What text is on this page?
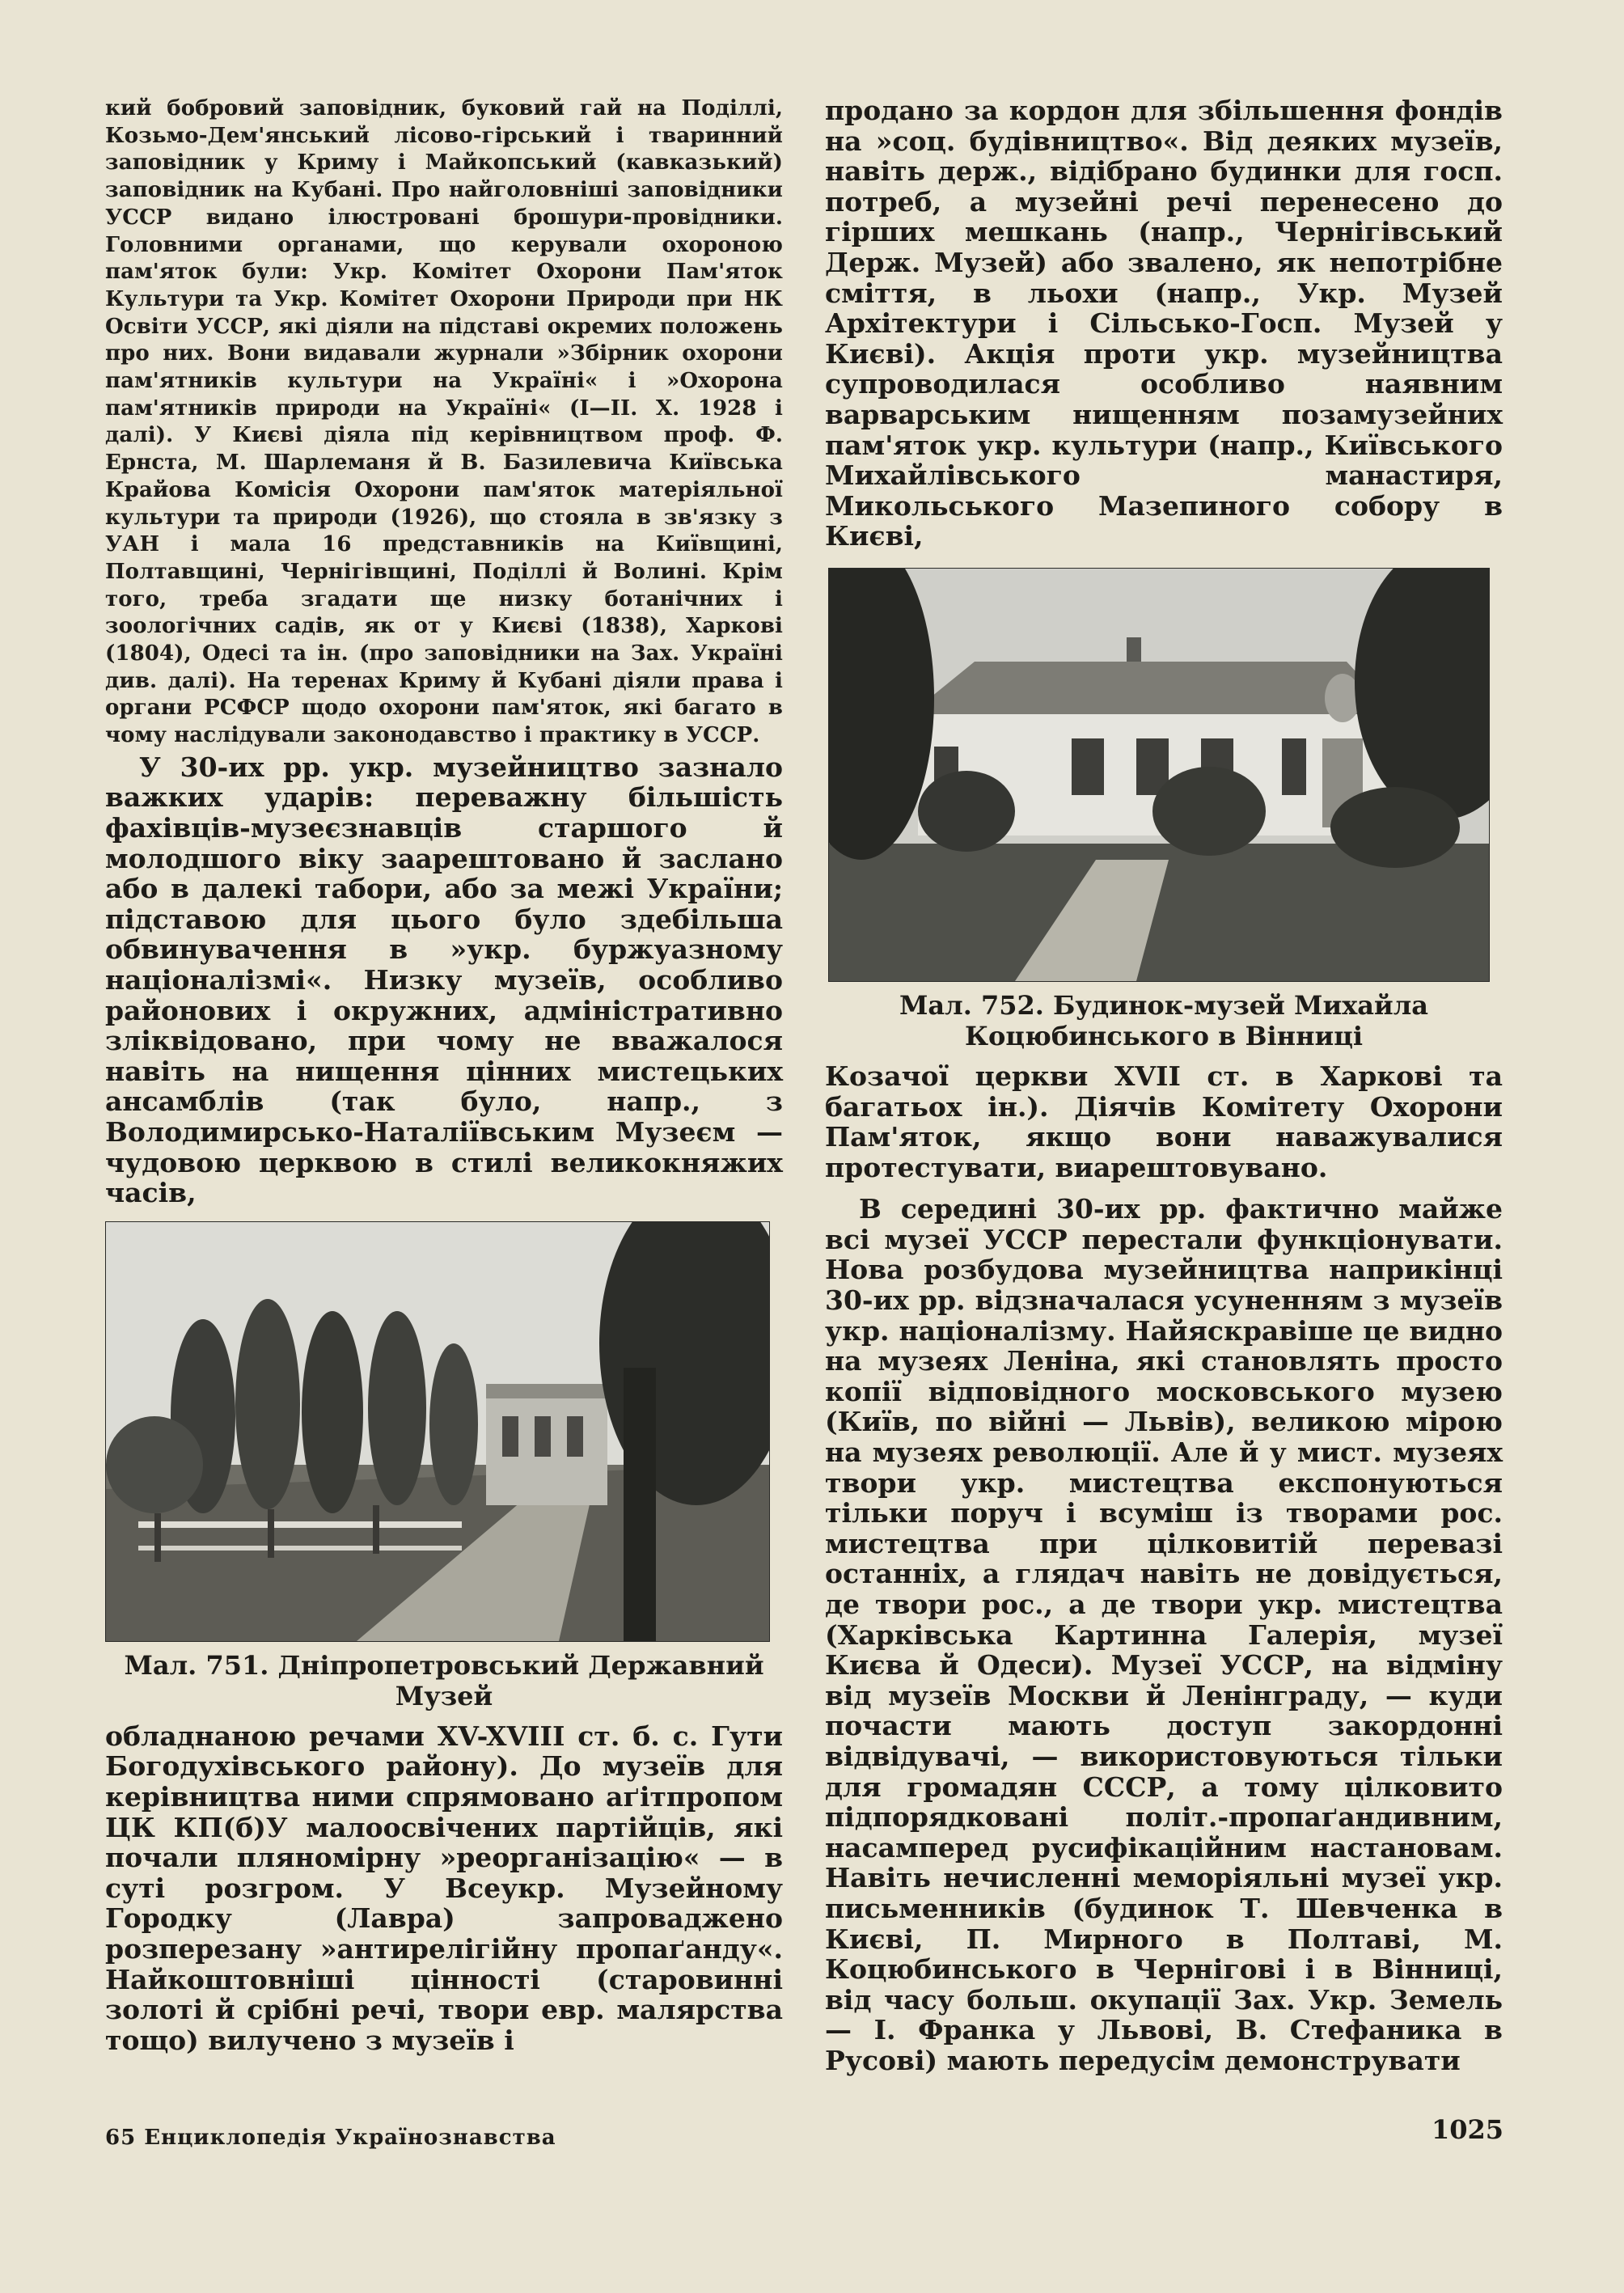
кий бобровий заповідник, буковий гай на Поділлі, Козьмо-Дем'янський лісово-гірський і тваринний заповідник у Криму і Майкопський (кавказький) заповідник на Кубані. Про найголовніші заповідники УССР видано ілюстровані брошури-провідники. Головними органами, що керували охороною пам'яток були: Укр. Комітет Охорони Пам'яток Культури та Укр. Комітет Охорони Природи при НК Освіти УССР, які діяли на підставі окремих положень про них. Вони видавали журнали »Збірник охорони пам'ятників культури на Україні« і »Охорона пам'ятників природи на Україні« (I—II. X. 1928 і далі). У Києві діяла під керівництвом проф. Ф. Ернста, М. Шарлеманя й В. Базилевича Київська Крайова Комісія Охорони пам'яток матеріяльної культури та природи (1926), що стояла в зв'язку з УАН і мала 16 представників на Київщині, Полтавщині, Чернігівщині, Поділлі й Волині. Крім того, треба згадати ще низку ботанічних і зоологічних садів, як от у Києві (1838), Харкові (1804), Одесі та ін. (про заповідники на Зах. Україні див. далі). На теренах Криму й Кубані діяли права і органи РСФСР щодо охорони пам'яток, які багато в чому наслідували законодавство і практику в УССР.

У 30-их рр. укр. музейництво зазнало важких ударів: переважну більшість фахівців-музеєзнавців старшого й молодшого віку заарештовано й заслано або в далекі табори, або за межі України; підставою для цього було здебільша обвинувачення в »укр. буржуазному націоналізмі«. Низку музеїв, особливо районових і окружних, адміністративно зліквідовано, при чому не вважалося навіть на нищення цінних мистецьких ансамблів (так було, напр., з Володимирсько-Наталіївським Музеєм — чудовою церквою в стилі великокняжих часів,

Мал. 751. Дніпропетровський Державний Музей

обладнаною речами XV-XVIII ст. б. с. Гути Богодухівського району). До музеїв для керівництва ними спрямовано аґітпропом ЦК КП(б)У малоосвічених партійців, які почали пляномірну »реорганізацію« — в суті розгром. У Всеукр. Музейному Городку (Лавра) запроваджено розперезану »антирелігійну пропаґанду«. Найкоштовніші цінності (старовинні золоті й срібні речі, твори евр. малярства тощо) вилучено з музеїв і

продано за кордон для збільшення фондів на »соц. будівництво«. Від деяких музеїв, навіть держ., відібрано будинки для госп. потреб, а музейні речі перенесено до гірших мешкань (напр., Чернігівський Держ. Музей) або звалено, як непотрібне сміття, в льохи (напр., Укр. Музей Архітектури і Сільсько-Госп. Музей у Києві). Акція проти укр. музейництва супроводилася особливо наявним варварським нищенням позамузейних пам'яток укр. культури (напр., Київського Михайлівського манастиря, Микольського Мазепиного собору в Києві,

Мал. 752. Будинок-музей Михайла Коцюбинського в Вінниці

Козачої церкви XVII ст. в Харкові та багатьох ін.). Діячів Комітету Охорони Пам'яток, якщо вони наважувалися протестувати, виарештовувано.

В середині 30-их рр. фактично майже всі музеї УССР перестали функціонувати. Нова розбудова музейництва наприкінці 30-их рр. відзначалася усуненням з музеїв укр. націоналізму. Найяскравіше це видно на музеях Леніна, які становлять просто копії відповідного московського музею (Київ, по війні — Львів), великою мірою на музеях революції. Але й у мист. музеях твори укр. мистецтва експонуються тільки поруч і всуміш із творами рос. мистецтва при цілковитій перевазі останніх, а глядач навіть не довідується, де твори рос., а де твори укр. мистецтва (Харківська Картинна Галерія, музеї Києва й Одеси). Музеї УССР, на відміну від музеїв Москви й Ленінграду, — куди почасти мають доступ закордонні відвідувачі, — використовуються тільки для громадян СССР, а тому цілковито підпорядковані політ.-пропаґандивним, насамперед русифікаційним настановам. Навіть нечисленні меморіяльні музеї укр. письменників (будинок Т. Шевченка в Києві, П. Мирного в Полтаві, М. Коцюбинського в Чернігові і в Вінниці, від часу больш. окупації Зах. Укр. Земель — І. Франка у Львові, В. Стефаника в Русові) мають передусім демонструвати

65 Енциклопедія Українознавства	1025
